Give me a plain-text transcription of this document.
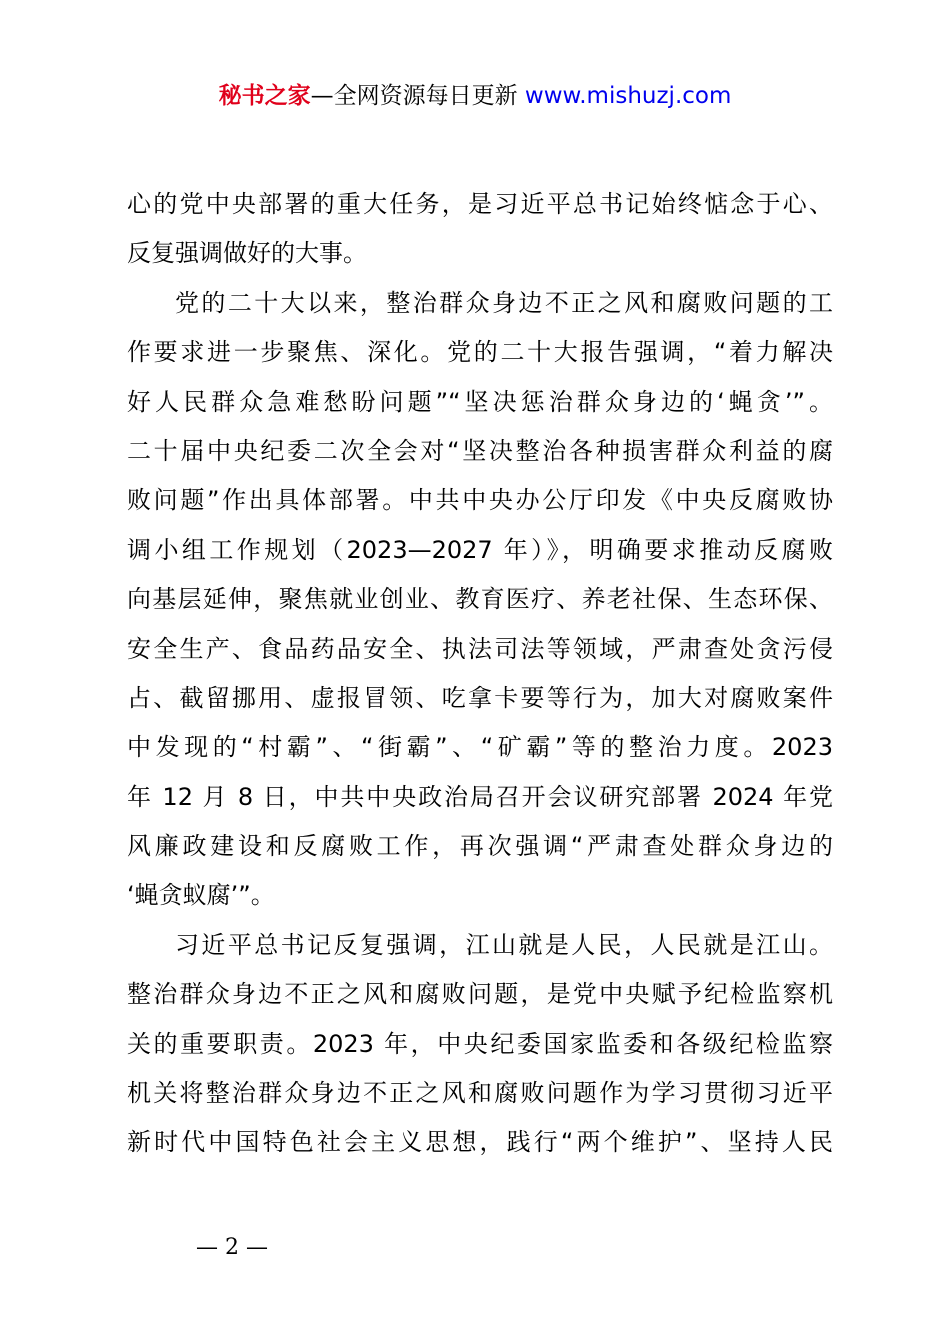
秘书之家—全网资源每日更新 www.mishuzj.com
心的党中央部署的重大任务，是习近平总书记始终惦念于心、
反复强调做好的大事。
党的二十大以来，整治群众身边不正之风和腐败问题的工
作要求进一步聚焦、深化。党的二十大报告强调，“着力解决
好人民群众急难愁盼问题”“坚决惩治群众身边的‘蝇贪’”。
二十届中央纪委二次全会对“坚决整治各种损害群众利益的腐
败问题”作出具体部署。中共中央办公厅印发《中央反腐败协
调小组工作规划（2023—2027 年）》，明确要求推动反腐败
向基层延伸，聚焦就业创业、教育医疗、养老社保、生态环保、
安全生产、食品药品安全、执法司法等领域，严肃查处贪污侵
占、截留挪用、虚报冒领、吃拿卡要等行为，加大对腐败案件
中发现的“村霸”、“街霸”、“矿霸”等的整治力度。2023
年 12 月 8 日，中共中央政治局召开会议研究部署 2024 年党
风廉政建设和反腐败工作，再次强调“严肃查处群众身边的
‘蝇贪蚁腐’”。
习近平总书记反复强调，江山就是人民，人民就是江山。
整治群众身边不正之风和腐败问题，是党中央赋予纪检监察机
关的重要职责。2023 年，中央纪委国家监委和各级纪检监察
机关将整治群众身边不正之风和腐败问题作为学习贯彻习近平
新时代中国特色社会主义思想，践行“两个维护”、坚持人民
— 2 —
